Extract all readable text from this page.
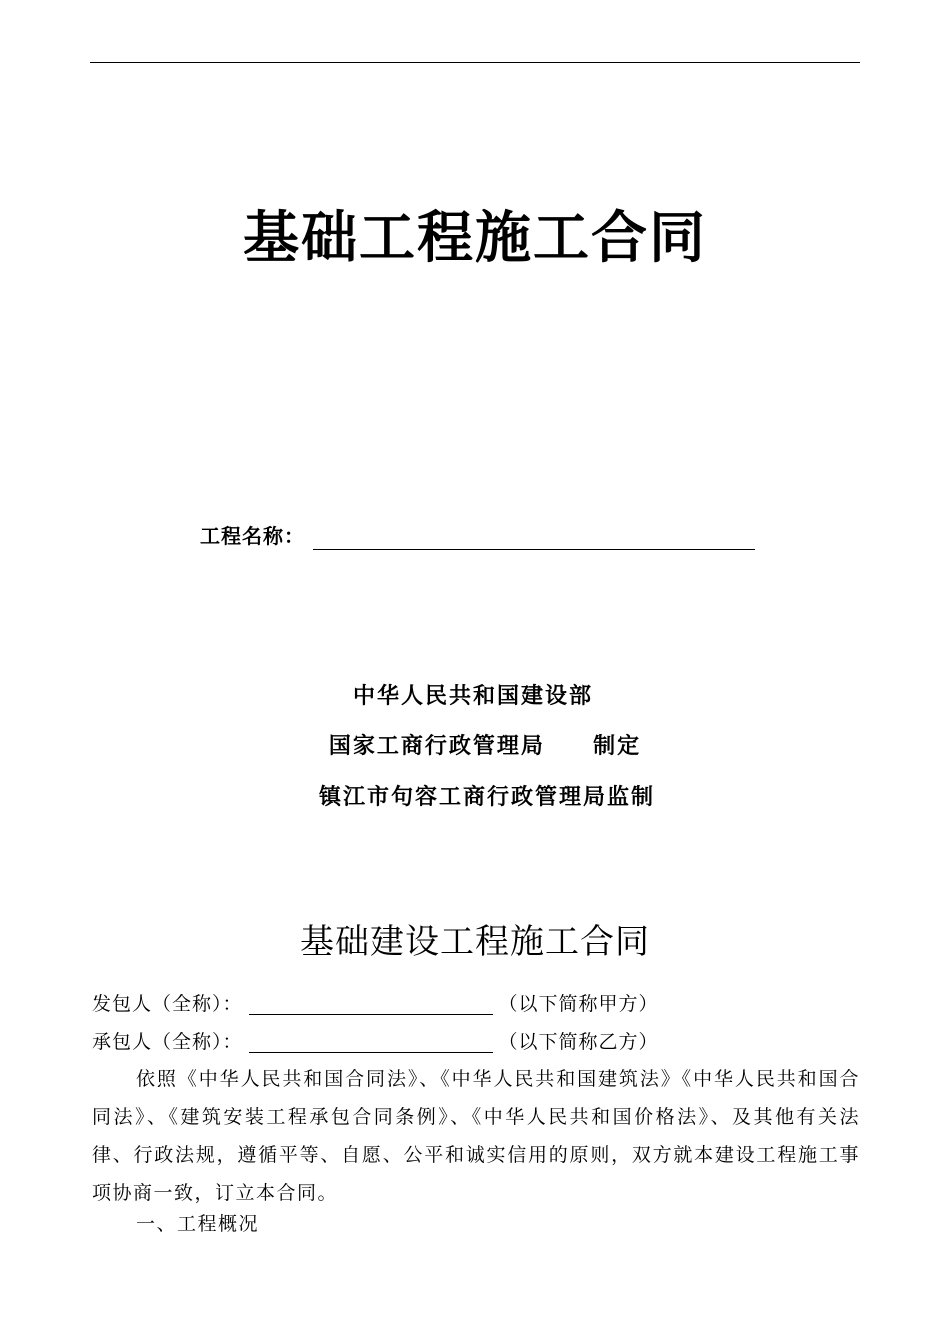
基础工程施工合同
工程名称：
中华人民共和国建设部
国家工商行政管理局     制定
镇江市句容工商行政管理局监制
基础建设工程施工合同
发包人（全称）：	（以下简称甲方）
承包人（全称）：	（以下简称乙方）
依照《中华人民共和国合同法》、《中华人民共和国建筑法》《中华人民共和国合同法》、《建筑安装工程承包合同条例》、《中华人民共和国价格法》、及其他有关法律、行政法规，遵循平等、自愿、公平和诚实信用的原则，双方就本建设工程施工事项协商一致，订立本合同。
一、工程概况
